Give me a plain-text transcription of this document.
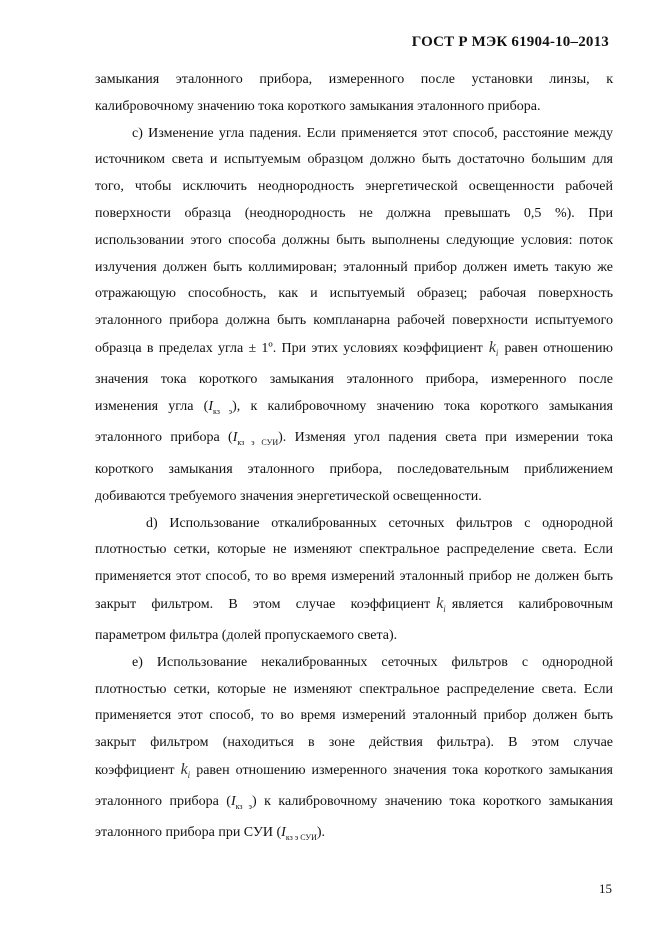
ГОСТ Р МЭК 61904-10–2013

замыкания эталонного прибора, измеренного после установки линзы, к калибровочному значению тока короткого замыкания эталонного прибора.

c) Изменение угла падения. Если применяется этот способ, расстояние между источником света и испытуемым образцом должно быть достаточно большим для того, чтобы исключить неоднородность энергетической освещенности рабочей поверхности образца (неоднородность не должна превышать 0,5 %). При использовании этого способа должны быть выполнены следующие условия: поток излучения должен быть коллимирован; эталонный прибор должен иметь такую же отражающую способность, как и испытуемый образец; рабочая поверхность эталонного прибора должна быть компланарна рабочей поверхности испытуемого образца в пределах угла ± 1º. При этих условиях коэффициент $k_i$ равен отношению значения тока короткого замыкания эталонного прибора, измеренного после изменения угла $(I_{кз э})$, к калибровочному значению тока короткого замыкания эталонного прибора $(I_{кз э СУИ})$. Изменяя угол падения света при измерении тока короткого замыкания эталонного прибора, последовательным приближением добиваются требуемого значения энергетической освещенности.

d) Использование откалиброванных сеточных фильтров с однородной плотностью сетки, которые не изменяют спектральное распределение света. Если применяется этот способ, то во время измерений эталонный прибор не должен быть закрыт фильтром. В этом случае коэффициент $k_i$ является калибровочным параметром фильтра (долей пропускаемого света).

e) Использование некалиброванных сеточных фильтров с однородной плотностью сетки, которые не изменяют спектральное распределение света. Если применяется этот способ, то во время измерений эталонный прибор должен быть закрыт фильтром (находиться в зоне действия фильтра). В этом случае коэффициент $k_i$ равен отношению измеренного значения тока короткого замыкания эталонного прибора $(I_{кз э})$ к калибровочному значению тока короткого замыкания эталонного прибора при СУИ $(I_{кз э СУИ})$.

15
